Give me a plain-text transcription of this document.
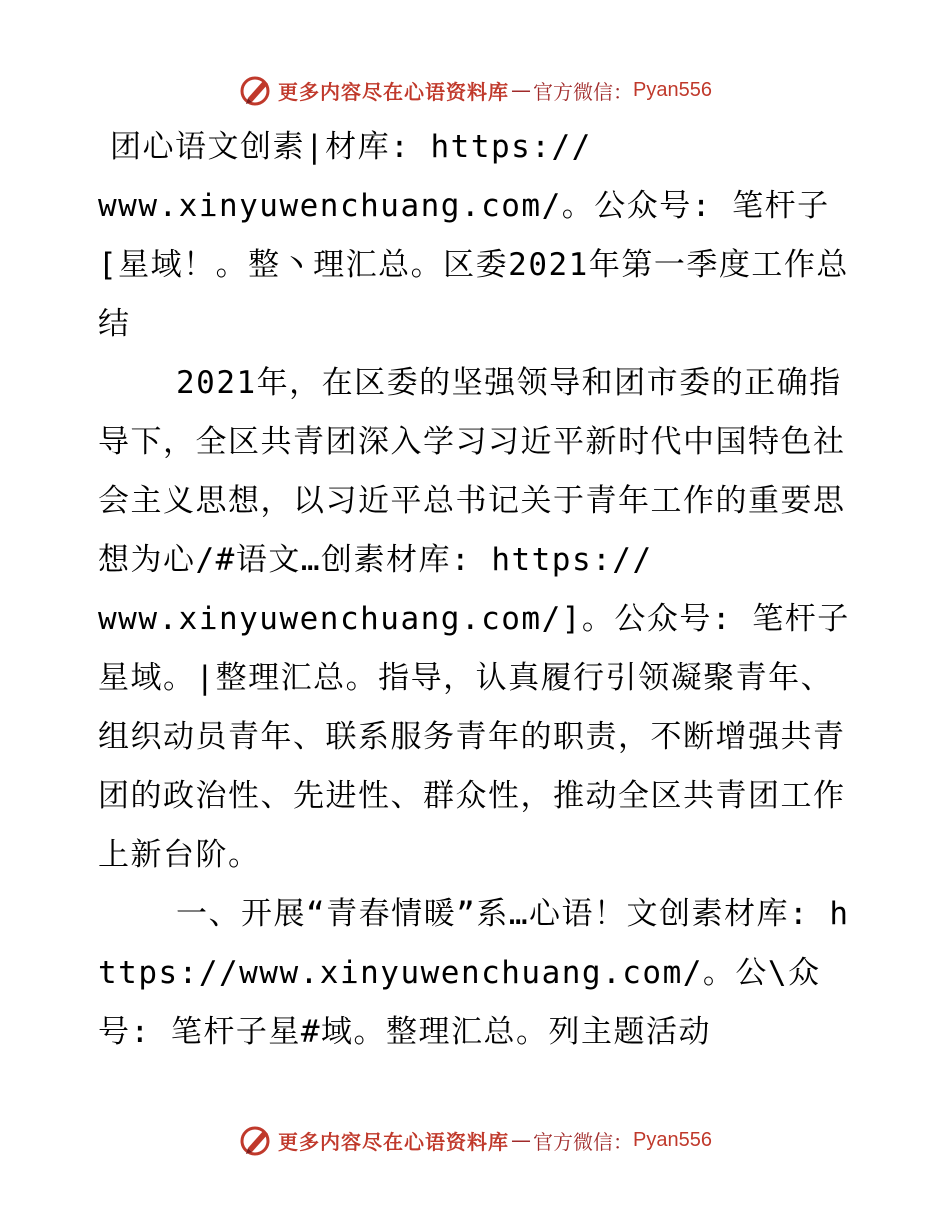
更多内容尽在心语资料库 — 官方微信： Pyan556

团心语文创素|材库: https://
www.xinyuwenchuang.com/。公众号: 笔杆子[星域！。整丶理汇总。区委2021年第一季度工作总结

2021年，在区委的坚强领导和团市委的正确指导下，全区共青团深入学习习近平新时代中国特色社会主义思想，以习近平总书记关于青年工作的重要思想为心/#语文…创素材库: https://
www.xinyuwenchuang.com/]。公众号: 笔杆子星域。|整理汇总。指导，认真履行引领凝聚青年、组织动员青年、联系服务青年的职责，不断增强共青团的政治性、先进性、群众性，推动全区共青团工作上新台阶。

一、开展“青春情暖”系…心语！文创素材库: https://www.xinyuwenchuang.com/。公\众号: 笔杆子星#域。整理汇总。列主题活动

更多内容尽在心语资料库 — 官方微信： Pyan556
